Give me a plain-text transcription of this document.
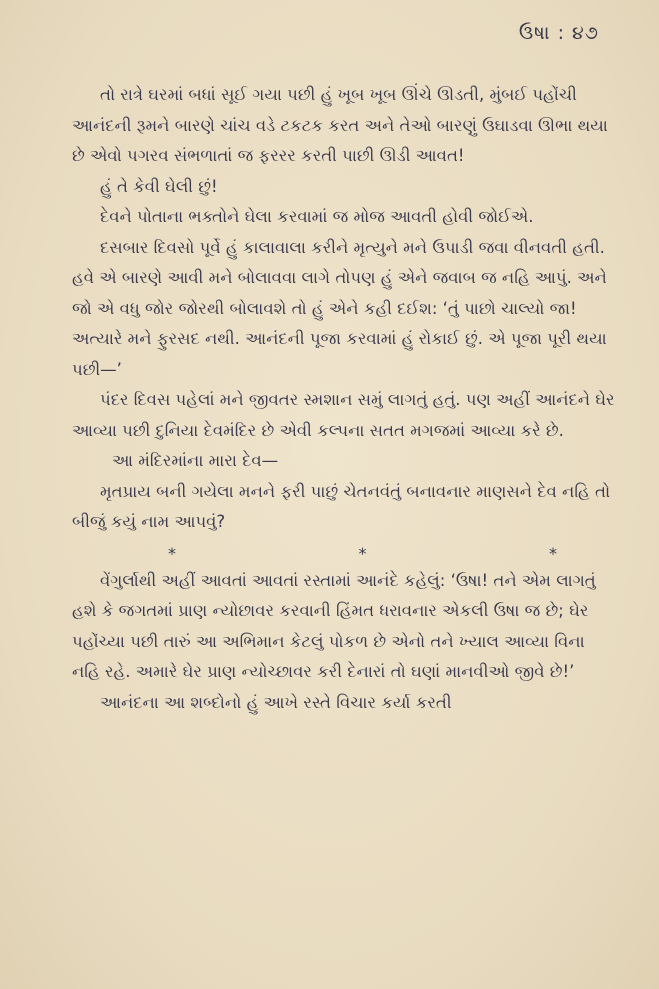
ઉષા : ૪૭

તો રાત્રે ઘરમાં બધાં સૂઈ ગયા પછી હું ખૂબ ખૂબ ઊંચે ઊડતી, મુંબઈ પહોંચી આનંદની રૂમને બારણે ચાંચ વડે ટકટક કરત અને તેઓ બારણું ઉઘાડવા ઊભા થયા છે એવો પગરવ સંભળાતાં જ ફરરર કરતી પાછી ઊડી આવત!

હું તે કેવી ઘેલી છું!

દેવને પોતાના ભક્તોને ઘેલા કરવામાં જ મોજ આવતી હોવી જોઈએ.

દસબાર દિવસો પૂર્વે હું કાલાવાલા કરીને મૃત્યુને મને ઉપાડી જવા વીનવતી હતી. હવે એ બારણે આવી મને બોલાવવા લાગે તોપણ હું એને જવાબ જ નહિ આપું. અને જો એ વધુ જોર જોરથી બોલાવશે તો હું એને કહી દઈશ: ‘તું પાછો ચાલ્યો જા! અત્યારે મને ફુરસદ નથી. આનંદની પૂજા કરવામાં હું રોકાઈ છું. એ પૂજા પૂરી થયા પછી—’

પંદર દિવસ પહેલાં મને જીવતર સ્મશાન સમું લાગતું હતું. પણ અહીં આનંદને ઘેર આવ્યા પછી દુનિયા દેવમંદિર છે એવી કલ્પના સતત મગજમાં આવ્યા કરે છે.

આ મંદિરમાંના મારા દેવ—

મૃતપ્રાય બની ગયેલા મનને ફરી પાછું ચેતનવંતું બનાવનાર માણસને દેવ નહિ તો બીજું કયું નામ આપવું?

*	*	*

વેંગુર્લાથી અહીં આવતાં આવતાં રસ્તામાં આનંદે કહેલું: ‘ઉષા! તને એમ લાગતું હશે કે જગતમાં પ્રાણ ન્યોછાવર કરવાની હિંમત ધરાવનાર એકલી ઉષા જ છે; ઘેર પહોંચ્યા પછી તારું આ અભિમાન કેટલું પોકળ છે એનો તને ખ્યાલ આવ્યા વિના નહિ રહે. અમારે ઘેર પ્રાણ ન્યોચ્છાવર કરી દેનારાં તો ઘણાં માનવીઓ જીવે છે!’

આનંદના આ શબ્દોનો હું આખે રસ્તે વિચાર કર્યા કરતી
